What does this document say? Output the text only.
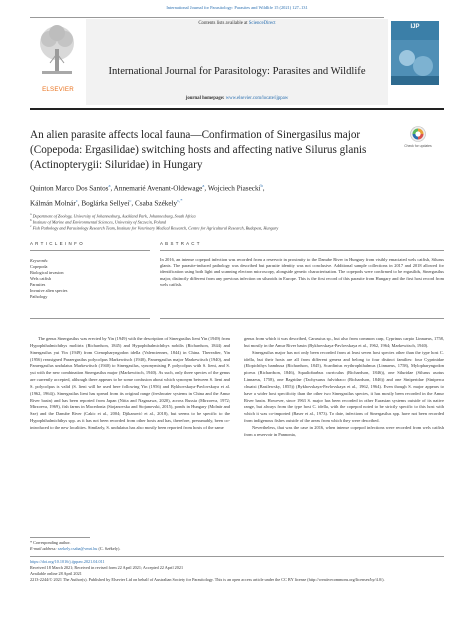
International Journal for Parasitology: Parasites and Wildlife 15 (2021) 127–131
ELSEVIER
Contents lists available at ScienceDirect
International Journal for Parasitology: Parasites and Wildlife
journal homepage: www.elsevier.com/locate/ijppaw
IJP
An alien parasite affects local fauna—Confirmation of Sinergasilus major
(Copepoda: Ergasilidae) switching hosts and affecting native Silurus glanis
(Actinopterygii: Siluridae) in Hungary
Check for updates
Quinton Marco Dos Santos$^a$, Annemarié Avenant-Oldewage$^a$, Wojciech Piasecki$^b$,
Kálmán Molnár$^c$, Boglárka Sellyei$^c$, Csaba Székely$^{c,*}$
$^a$ Department of Zoology, University of Johannesburg, Auckland Park, Johannesburg, South Africa
$^b$ Institute of Marine and Environmental Sciences, University of Szczecin, Poland
$^c$ Fish Pathology and Parasitology Research Team, Institute for Veterinary Medical Research, Centre for Agricultural Research, Budapest, Hungary
A R T I C L E I N F O	A B S T R A C T
Keywords:
Copepoda
Biological invasion
Wels catfish
Parasites
Invasive alien species
Pathology
In 2016, an intense copepod infection was recorded from a reservoir in proximity to the Danube River in Hungary from visibly emaciated wels catfish, Silurus glanis. The parasite-induced pathology was described but parasite identity was not conclusive. Additional sample collections in 2017 and 2018 allowed for identification using both light and scanning electron microscopy, alongside genetic characterisation. The copepods were confirmed to be ergasilids, Sinergasilus major, distinctly different from any previous infection on siluroids in Europe. This is the first record of this parasite from Hungary and the first host record from wels catfish.
The genus Sinergasilus was erected by Yin (1949) with the description of Sinergasilus lieni Yin (1949) from Hypophthalmichthys molitrix (Richardson, 1845) and Hypophthalmichthys nobilis (Richardson, 1844) and Sinergasilus yui Yin (1949) from Ctenopharyngodon idella (Valenciennes, 1844) in China. Thereafter, Yin (1956) reassigned Paraergasilus polycolpus Markewitsch (1940), Paraergasilus major Markewitsch (1940), and Paraergasilus undulatus Markewitsch (1940) to Sinergasilus, synonymising P. polycolpus with S. lieni, and S. yui with the new combination Sinergasilus major (Markewitsch, 1940). As such, only three species of the genus are currently accepted, although there appears to be some confusion about which synonym between S. lieni and S. polycolpus is valid (S. lieni will be used here following Yin (1956) and Bykhovskaya-Pavlovskaya et al. (1962, 1964)). Sinergasilus lieni has spread from its original range (freshwater systems in China and the Amur River basin) and has been reported from Japan (Nitta and Nagasawa, 2020), across Russia (Mirzoeva, 1972; Mirzoeva, 1969), fish farms in Macedonia (Stojanovska and Stojanovski, 2015), ponds in Hungary (Molnár and Sze) and the Danube River (Cakic et al., 2004; Djikanović et al., 2018), but seems to be specific to the Hypophthalmichthys spp. as it has not been recorded from other hosts and has, therefore, presumably, been co-introduced to the new localities. Similarly, S. undulatus has also mostly been reported from hosts of the same
genus from which it was described, Carassius sp., but also from common carp, Cyprinus carpio Linnaeus, 1758, but mostly in the Amur River basin (Bykhovskaya-Pavlovskaya et al., 1962, 1964; Markewitsch, 1940).
Sinergasilus major has not only been recorded from at least seven host species other than the type host C. idella, but their hosts are all from different genera and belong to four distinct families: four Cyprinidae (Elopichthys bambusa (Richardson, 1845), Scardinius erythrophthalmus (Linnaeus, 1758), Mylopharyngodon piceus (Richardson, 1846), Squaliobarbus curriculus (Richardson, 1846)), one Siluridae (Silurus asotus Linnaeus, 1758), one Bagridae (Tachysurus fulvidraco (Richardson, 1846)) and one Siniperidae (Siniperca chuatsi (Basilewsky, 1855)) (Bykhovskaya-Pavlovskaya et al., 1962, 1964). Even though S. major appears to have a wider host specificity than the other two Sinergasilus species, it has mostly been recorded in the Amur River basin. However, since 1963 S. major has been recorded in other Eurasian systems outside of its native range, but always from the type host C. idella, with the copepod noted to be strictly specific to this host with which it was co-imported (Baser et al., 1973). To date, infections of Sinergasilus spp. have not been recorded from indigenous fishes outside of the areas from which they were described.
Nevertheless, that was the case in 2016, when intense copepod infections were recorded from wels catfish from a reservoir in Pannonia,
* Corresponding author.
E-mail address: szekely.csaba@vmri.hu (C. Székely).
https://doi.org/10.1016/j.ijppaw.2021.04.011
Received 18 March 2021; Received in revised form 22 April 2021; Accepted 22 April 2021
Available online 28 April 2021
2213-2244/© 2021 The Author(s). Published by Elsevier Ltd on behalf of Australian Society for Parasitology. This is an open access article under the CC BY license (http://creativecommons.org/licenses/by/4.0/).
